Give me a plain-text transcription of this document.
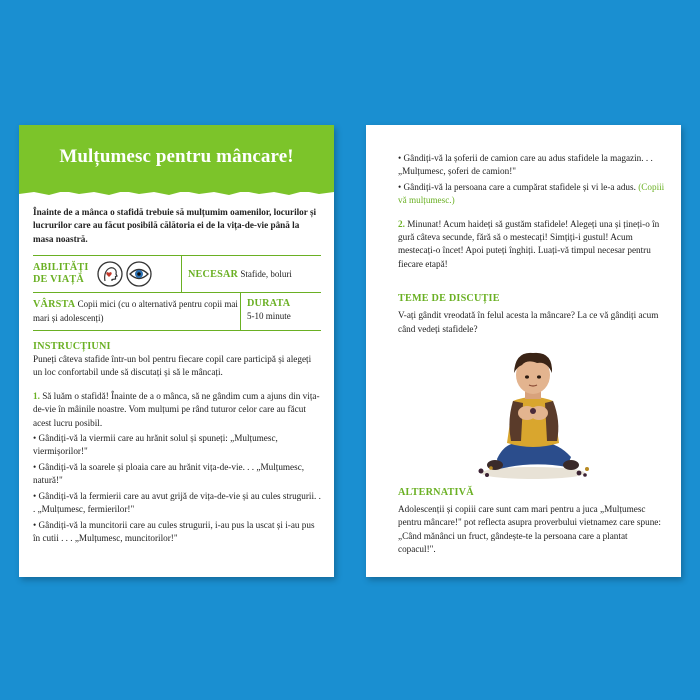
Mulțumesc pentru mâncare!

Înainte de a mânca o stafidă trebuie să mulțumim oamenilor, locurilor și lucrurilor care au făcut posibilă călătoria ei de la vița-de-vie până la masa noastră.

ABILITĂȚI DE VIAȚĂ
NECESAR Stafide, boluri
VÂRSTA Copii mici (cu o alternativă pentru copii mai mari și adolescenți)
DURATA
5-10 minute
INSTRUCȚIUNI

Puneți câteva stafide într-un bol pentru fiecare copil care participă și alegeți un loc confortabil unde să discutați și să le mâncați.

1. Să luăm o stafidă! Înainte de a o mânca, să ne gândim cum a ajuns din vița-de-vie în mâinile noastre. Vom mulțumi pe rând tuturor celor care au făcut acest lucru posibil.

• Gândiți-vă la viermii care au hrănit solul și spuneți: „Mulțumesc, viermișorilor!"

• Gândiți-vă la soarele și ploaia care au hrănit vița-de-vie. . . „Mulțumesc, natură!"

• Gândiți-vă la fermierii care au avut grijă de vița-de-vie și au cules strugurii. . . „Mulțumesc, fermierilor!"

• Gândiți-vă la muncitorii care au cules strugurii, i-au pus la uscat și i-au pus în cutii . . . „Mulțumesc, muncitorilor!"

• Gândiți-vă la șoferii de camion care au adus stafidele la magazin. . . „Mulțumesc, șoferi de camion!"

• Gândiți-vă la persoana care a cumpărat stafidele și vi le-a adus. (Copiii vă mulțumesc.)

2. Minunat! Acum haideți să gustăm stafidele! Alegeți una și țineți-o în gură câteva secunde, fără să o mestecați! Simțiți-i gustul! Acum mestecați-o încet! Apoi puteți înghiți. Luați-vă timpul necesar pentru fiecare etapă!

TEME DE DISCUȚIE

V-ați gândit vreodată în felul acesta la mâncare? La ce vă gândiți acum când vedeți stafidele?

ALTERNATIVĂ

Adolescenții și copiii care sunt cam mari pentru a juca „Mulțumesc pentru mâncare!" pot reflecta asupra proverbului vietnamez care spune: „Când mănânci un fruct, gândește-te la persoana care a plantat copacul!".
